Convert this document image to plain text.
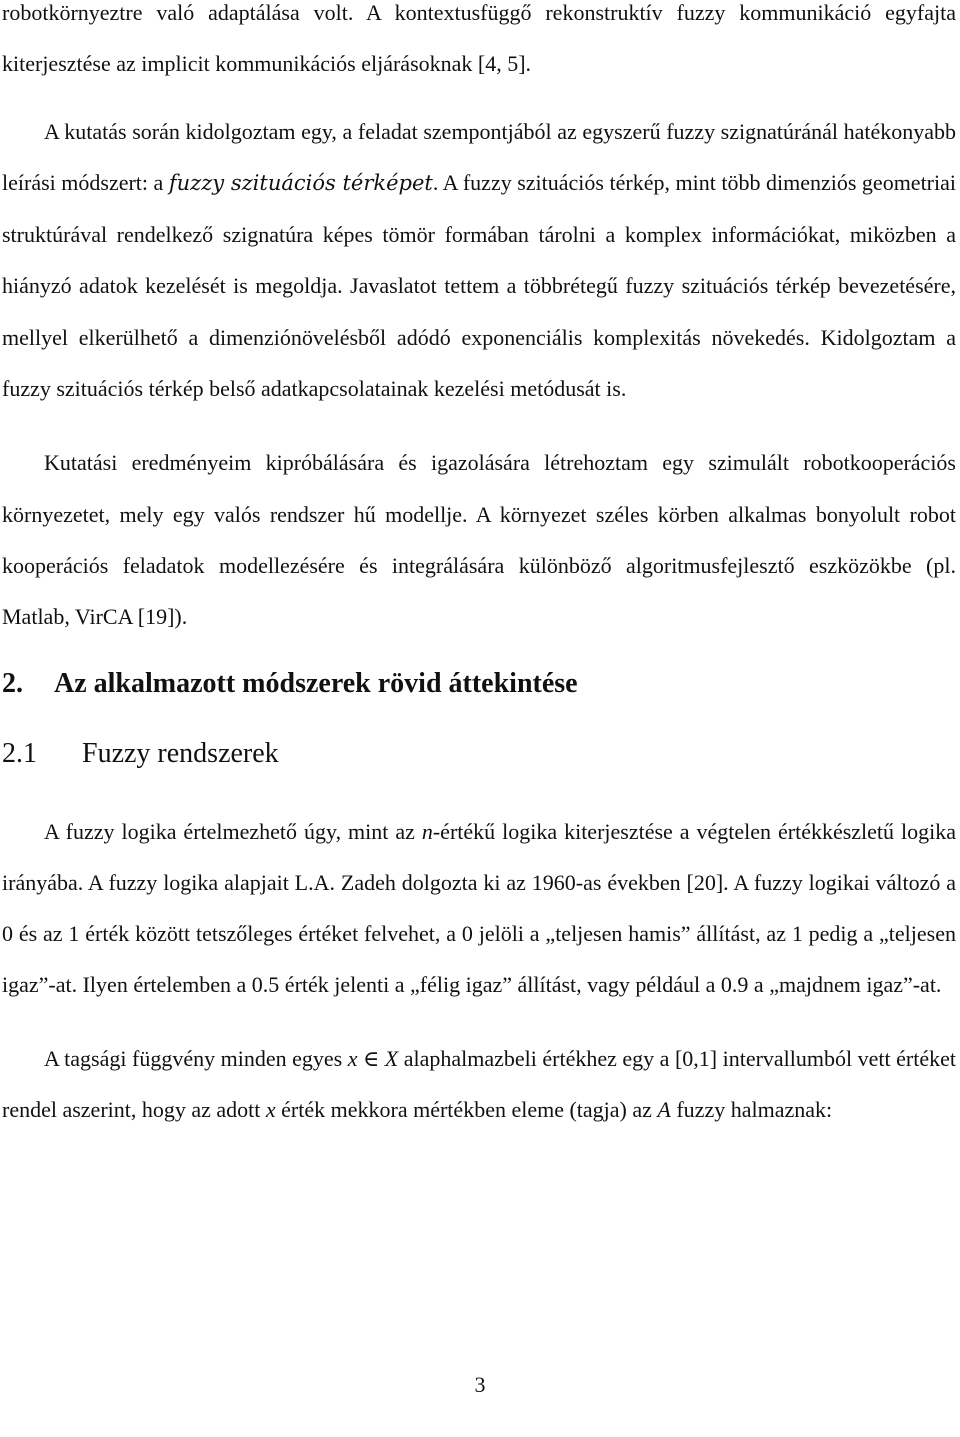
robotkörnyeztre való adaptálása volt. A kontextusfüggő rekonstruktív fuzzy kommunikáció egyfajta kiterjesztése az implicit kommunikációs eljárásoknak [4, 5].

A kutatás során kidolgoztam egy, a feladat szempontjából az egyszerű fuzzy szignatúránál hatékonyabb leírási módszert: a fuzzy szituációs térképet. A fuzzy szituációs térkép, mint több dimenziós geometriai struktúrával rendelkező szignatúra képes tömör formában tárolni a komplex információkat, miközben a hiányzó adatok kezelését is megoldja. Javaslatot tettem a többrétegű fuzzy szituációs térkép bevezetésére, mellyel elkerülhető a dimenziónövelésből adódó exponenciális komplexitás növekedés. Kidolgoztam a fuzzy szituációs térkép belső adatkapcsolatainak kezelési metódusát is.

Kutatási eredményeim kipróbálására és igazolására létrehoztam egy szimulált robotkooperációs környezetet, mely egy valós rendszer hű modellje. A környezet széles körben alkalmas bonyolult robot kooperációs feladatok modellezésére és integrálására különböző algoritmusfejlesztő eszközökbe (pl. Matlab, VirCA [19]).

2. Az alkalmazott módszerek rövid áttekintése
2.1 Fuzzy rendszerek

A fuzzy logika értelmezhető úgy, mint az n-értékű logika kiterjesztése a végtelen értékkészletű logika irányába. A fuzzy logika alapjait L.A. Zadeh dolgozta ki az 1960-as években [20]. A fuzzy logikai változó a 0 és az 1 érték között tetszőleges értéket felvehet, a 0 jelöli a „teljesen hamis” állítást, az 1 pedig a „teljesen igaz”-at. Ilyen értelemben a 0.5 érték jelenti a „félig igaz” állítást, vagy például a 0.9 a „majdnem igaz”-at.

A tagsági függvény minden egyes x ∈ X alaphalmazbeli értékhez egy a [0,1] intervallumból vett értéket rendel aszerint, hogy az adott x érték mekkora mértékben eleme (tagja) az A fuzzy halmaznak:

3
